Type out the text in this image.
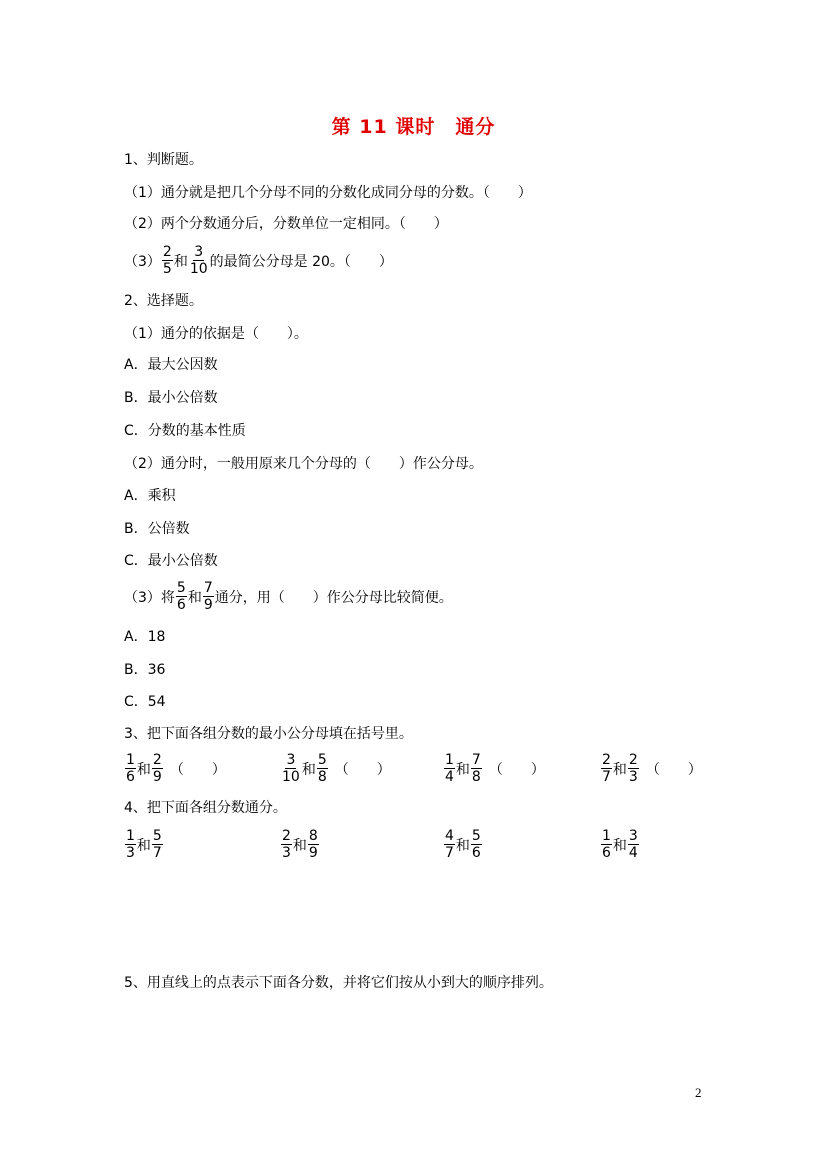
第 11 课时　通分
1、判断题。
（1）通分就是把几个分母不同的分数化成同分母的分数。（　　）
（2）两个分数通分后，分数单位一定相同。（　　）
$(3) \frac{2}{5}$ 和 $\frac{3}{10}$ 的最简公分母是 20。（　　）
2、选择题。
（1）通分的依据是（　　）。
A．最大公因数
B．最小公倍数
C．分数的基本性质
（2）通分时，一般用原来几个分母的（　　）作公分母。
A．乘积
B．公倍数
C．最小公倍数
（3）将 $\frac{5}{6}$ 和 $\frac{7}{9}$ 通分，用（　　）作公分母比较简便。
A．18
B．36
C．54
3、把下面各组分数的最小公分母填在括号里。
$\frac{1}{6}$ 和 $\frac{2}{9}$ （　　）	$\frac{3}{10}$ 和 $\frac{5}{8}$ （　　）	$\frac{1}{4}$ 和 $\frac{7}{8}$ （　　）	$\frac{2}{7}$ 和 $\frac{2}{3}$ （　　）
4、把下面各组分数通分。
$\frac{1}{3}$ 和 $\frac{5}{7}$	$\frac{2}{3}$ 和 $\frac{8}{9}$	$\frac{4}{7}$ 和 $\frac{5}{6}$	$\frac{1}{6}$ 和 $\frac{3}{4}$
5、用直线上的点表示下面各分数，并将它们按从小到大的顺序排列。
2
